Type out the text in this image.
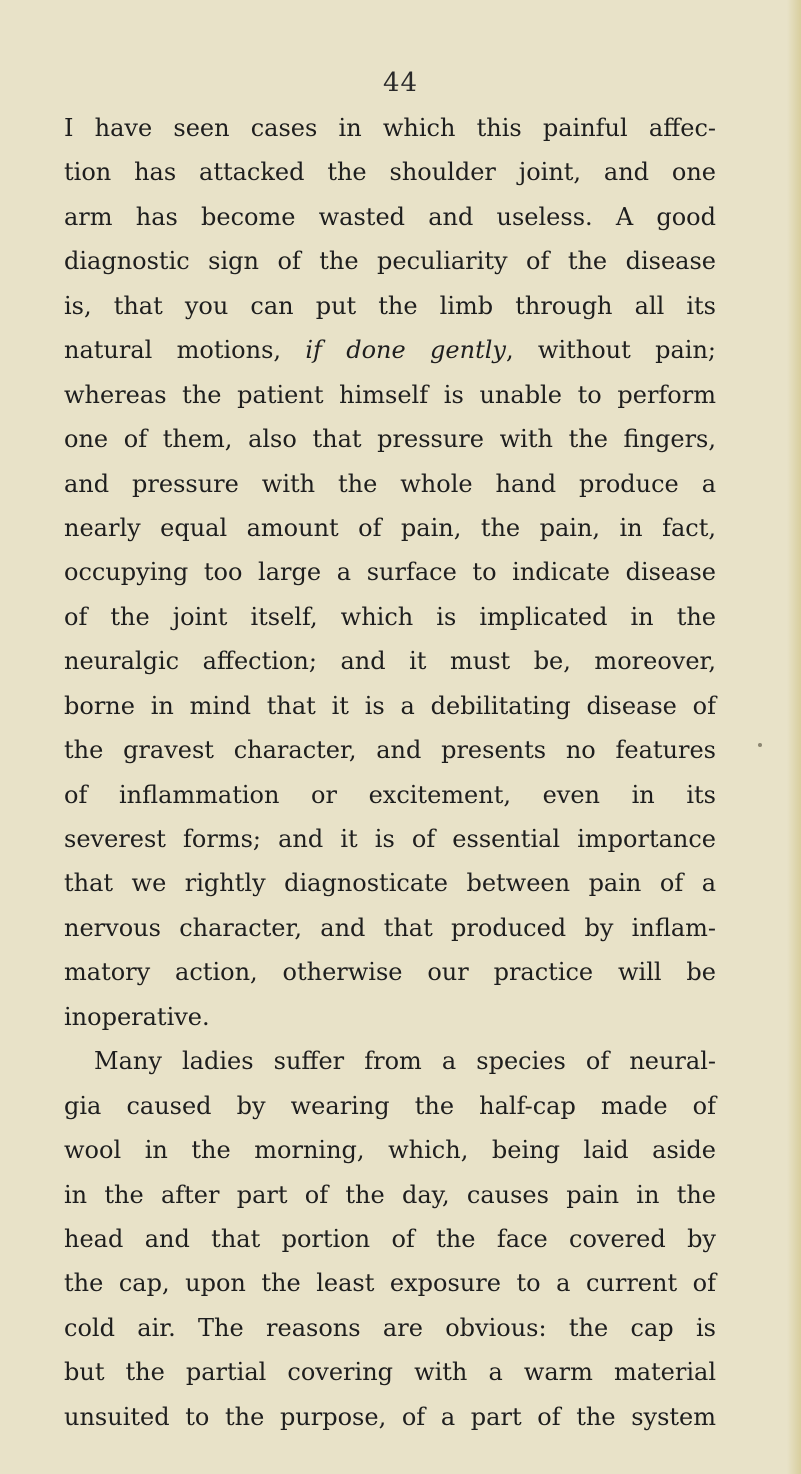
44
I have seen cases in which this painful affec-
tion has attacked the shoulder joint, and one
arm has become wasted and useless. A good
diagnostic sign of the peculiarity of the disease
is, that you can put the limb through all its
natural motions, if done gently, without pain;
whereas the patient himself is unable to perform
one of them, also that pressure with the fingers,
and pressure with the whole hand produce a
nearly equal amount of pain, the pain, in fact,
occupying too large a surface to indicate disease
of the joint itself, which is implicated in the
neuralgic affection; and it must be, moreover,
borne in mind that it is a debilitating disease of
the gravest character, and presents no features
of inflammation or excitement, even in its
severest forms; and it is of essential importance
that we rightly diagnosticate between pain of a
nervous character, and that produced by inflam-
matory action, otherwise our practice will be
inoperative.
Many ladies suffer from a species of neural-
gia caused by wearing the half-cap made of
wool in the morning, which, being laid aside
in the after part of the day, causes pain in the
head and that portion of the face covered by
the cap, upon the least exposure to a current of
cold air. The reasons are obvious: the cap is
but the partial covering with a warm material
unsuited to the purpose, of a part of the system
